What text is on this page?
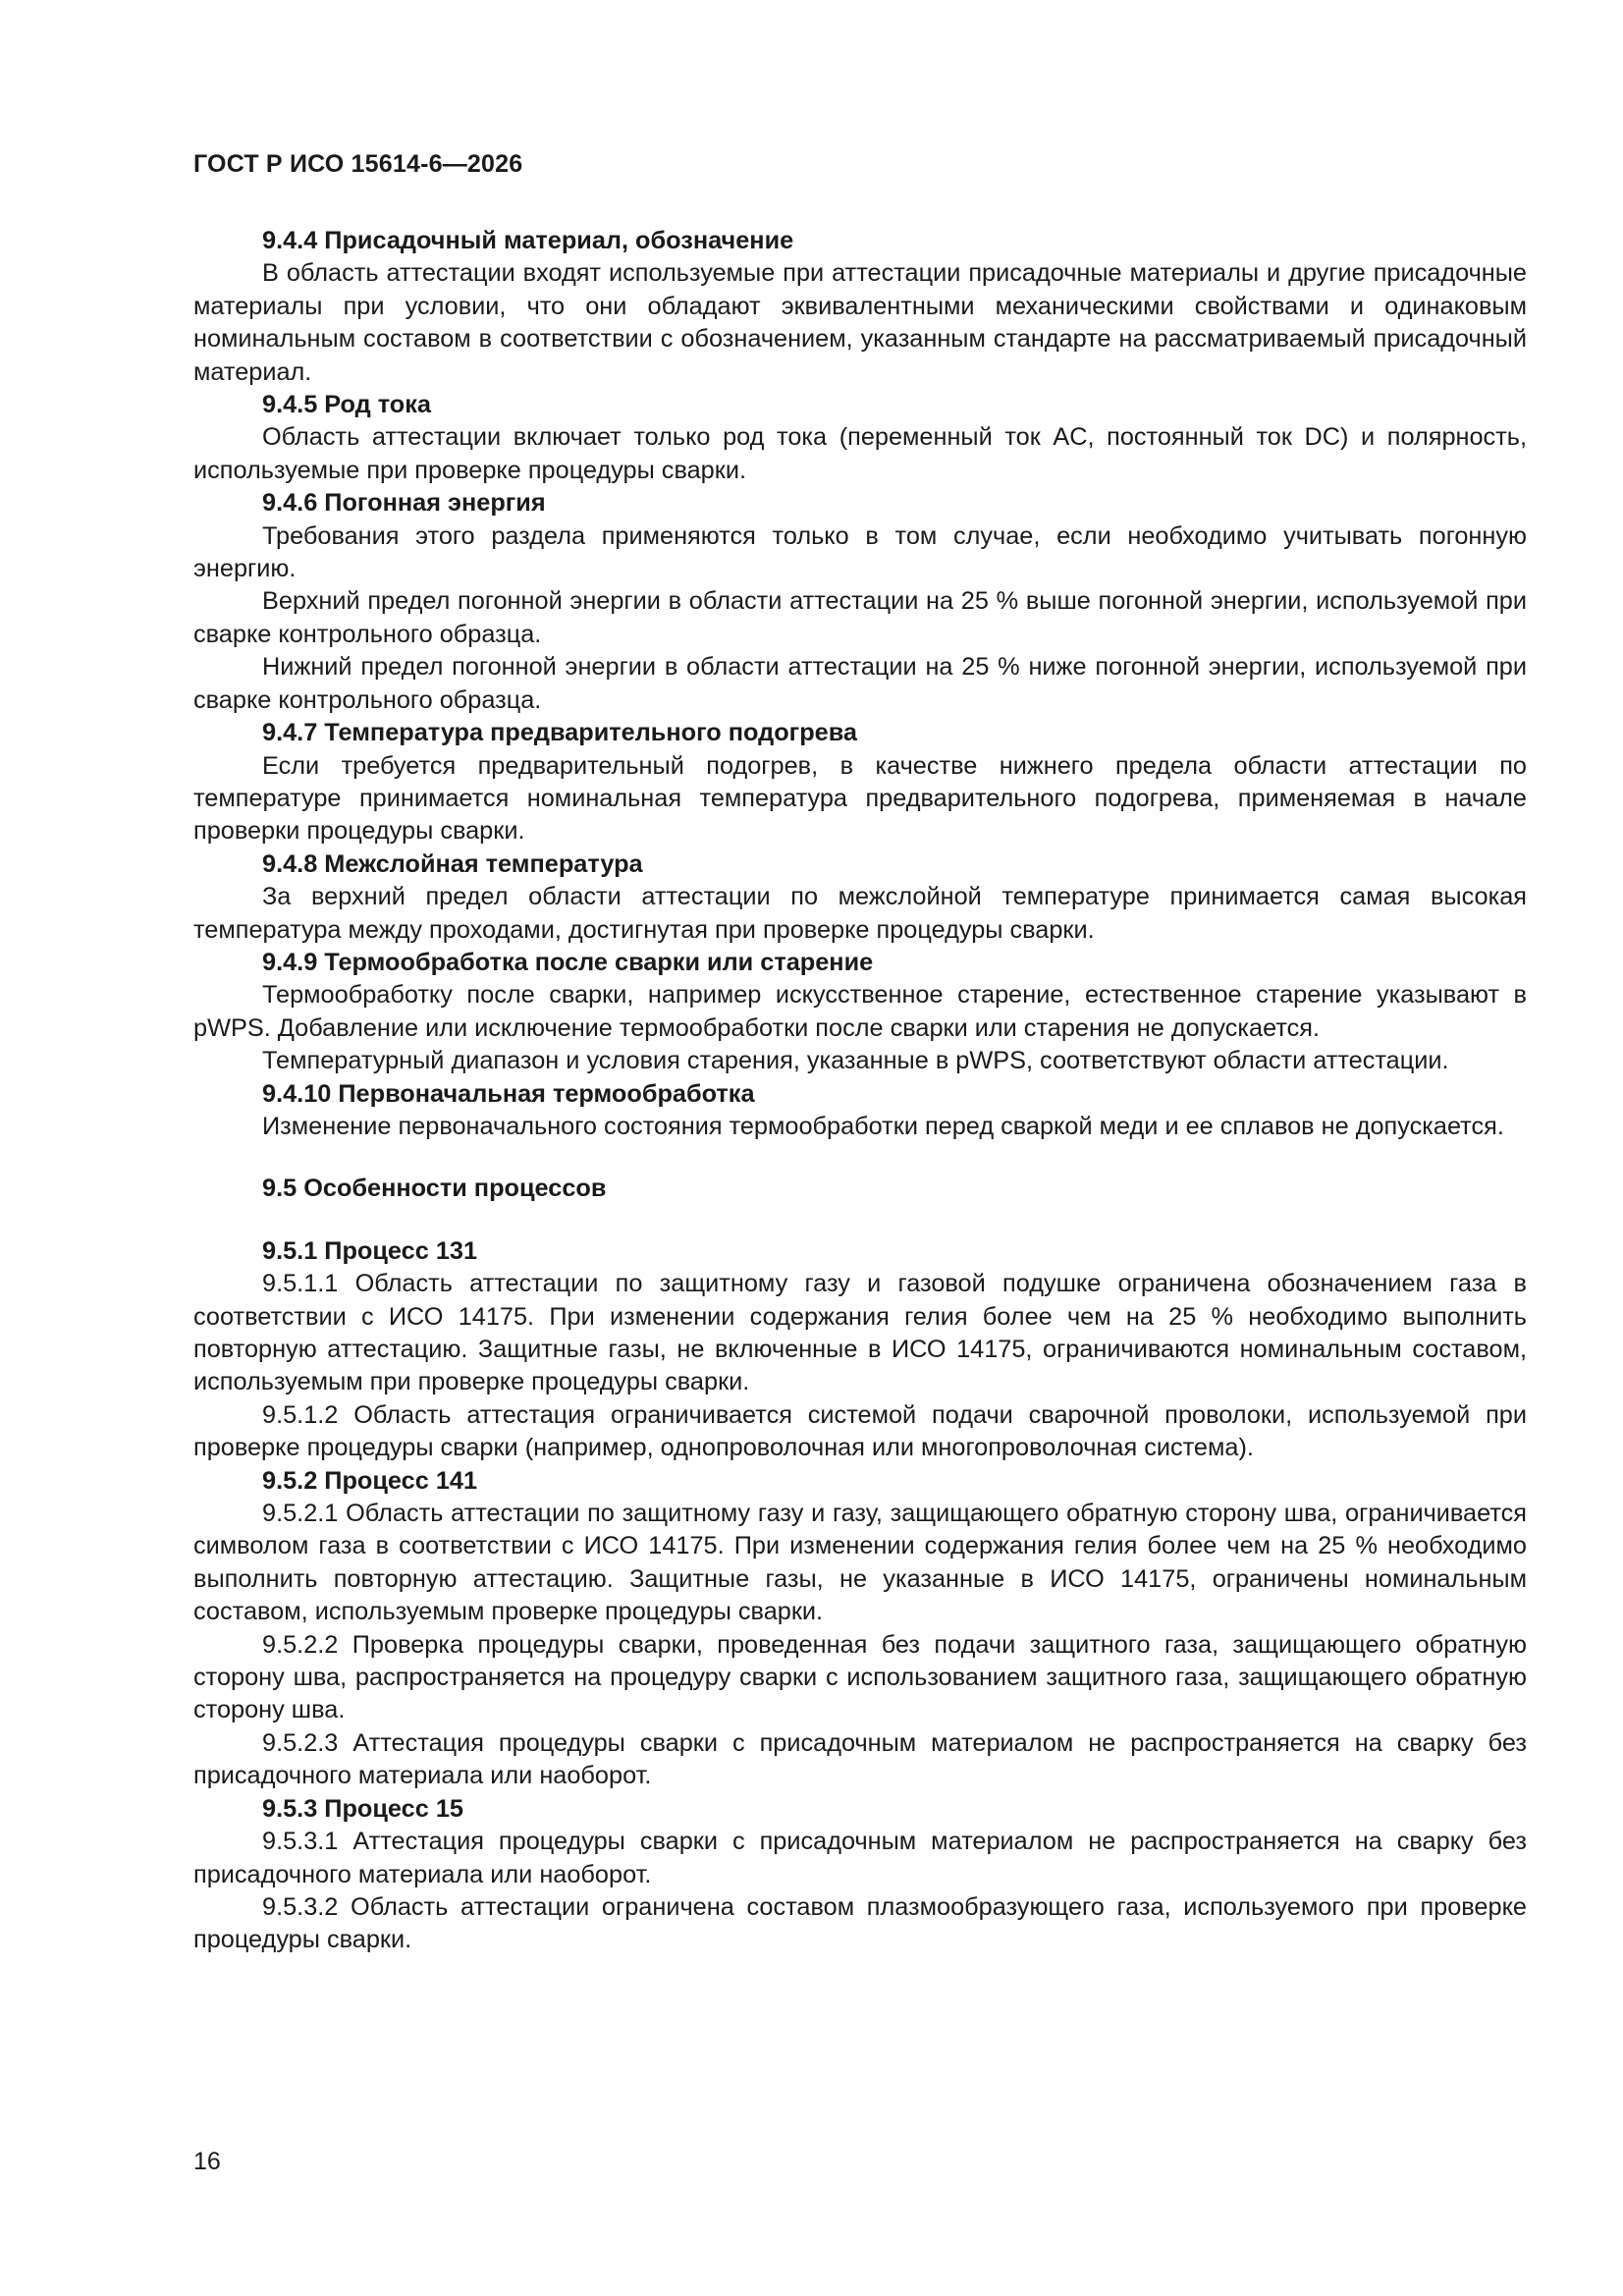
ГОСТ Р ИСО 15614-6—2026
9.4.4 Присадочный материал, обозначение

В область аттестации входят используемые при аттестации присадочные материалы и другие присадочные материалы при условии, что они обладают эквивалентными механическими свойствами и одинаковым номинальным составом в соответствии с обозначением, указанным стандарте на рассматриваемый присадочный материал.

9.4.5 Род тока

Область аттестации включает только род тока (переменный ток AC, постоянный ток DC) и полярность, используемые при проверке процедуры сварки.

9.4.6 Погонная энергия

Требования этого раздела применяются только в том случае, если необходимо учитывать погонную энергию.

Верхний предел погонной энергии в области аттестации на 25 % выше погонной энергии, используемой при сварке контрольного образца.

Нижний предел погонной энергии в области аттестации на 25 % ниже погонной энергии, используемой при сварке контрольного образца.

9.4.7 Температура предварительного подогрева

Если требуется предварительный подогрев, в качестве нижнего предела области аттестации по температуре принимается номинальная температура предварительного подогрева, применяемая в начале проверки процедуры сварки.

9.4.8 Межслойная температура

За верхний предел области аттестации по межслойной температуре принимается самая высокая температура между проходами, достигнутая при проверке процедуры сварки.

9.4.9 Термообработка после сварки или старение

Термообработку после сварки, например искусственное старение, естественное старение указывают в pWPS. Добавление или исключение термообработки после сварки или старения не допускается.

Температурный диапазон и условия старения, указанные в pWPS, соответствуют области аттестации.

9.4.10 Первоначальная термообработка

Изменение первоначального состояния термообработки перед сваркой меди и ее сплавов не допускается.

9.5 Особенности процессов
9.5.1 Процесс 131

9.5.1.1 Область аттестации по защитному газу и газовой подушке ограничена обозначением газа в соответствии с ИСО 14175. При изменении содержания гелия более чем на 25 % необходимо выполнить повторную аттестацию. Защитные газы, не включенные в ИСО 14175, ограничиваются номинальным составом, используемым при проверке процедуры сварки.

9.5.1.2 Область аттестация ограничивается системой подачи сварочной проволоки, используемой при проверке процедуры сварки (например, однопроволочная или многопроволочная система).

9.5.2 Процесс 141

9.5.2.1 Область аттестации по защитному газу и газу, защищающего обратную сторону шва, ограничивается символом газа в соответствии с ИСО 14175. При изменении содержания гелия более чем на 25 % необходимо выполнить повторную аттестацию. Защитные газы, не указанные в ИСО 14175, ограничены номинальным составом, используемым проверке процедуры сварки.

9.5.2.2 Проверка процедуры сварки, проведенная без подачи защитного газа, защищающего обратную сторону шва, распространяется на процедуру сварки с использованием защитного газа, защищающего обратную сторону шва.

9.5.2.3 Аттестация процедуры сварки с присадочным материалом не распространяется на сварку без присадочного материала или наоборот.

9.5.3 Процесс 15

9.5.3.1 Аттестация процедуры сварки с присадочным материалом не распространяется на сварку без присадочного материала или наоборот.

9.5.3.2 Область аттестации ограничена составом плазмообразующего газа, используемого при проверке процедуры сварки.

16
